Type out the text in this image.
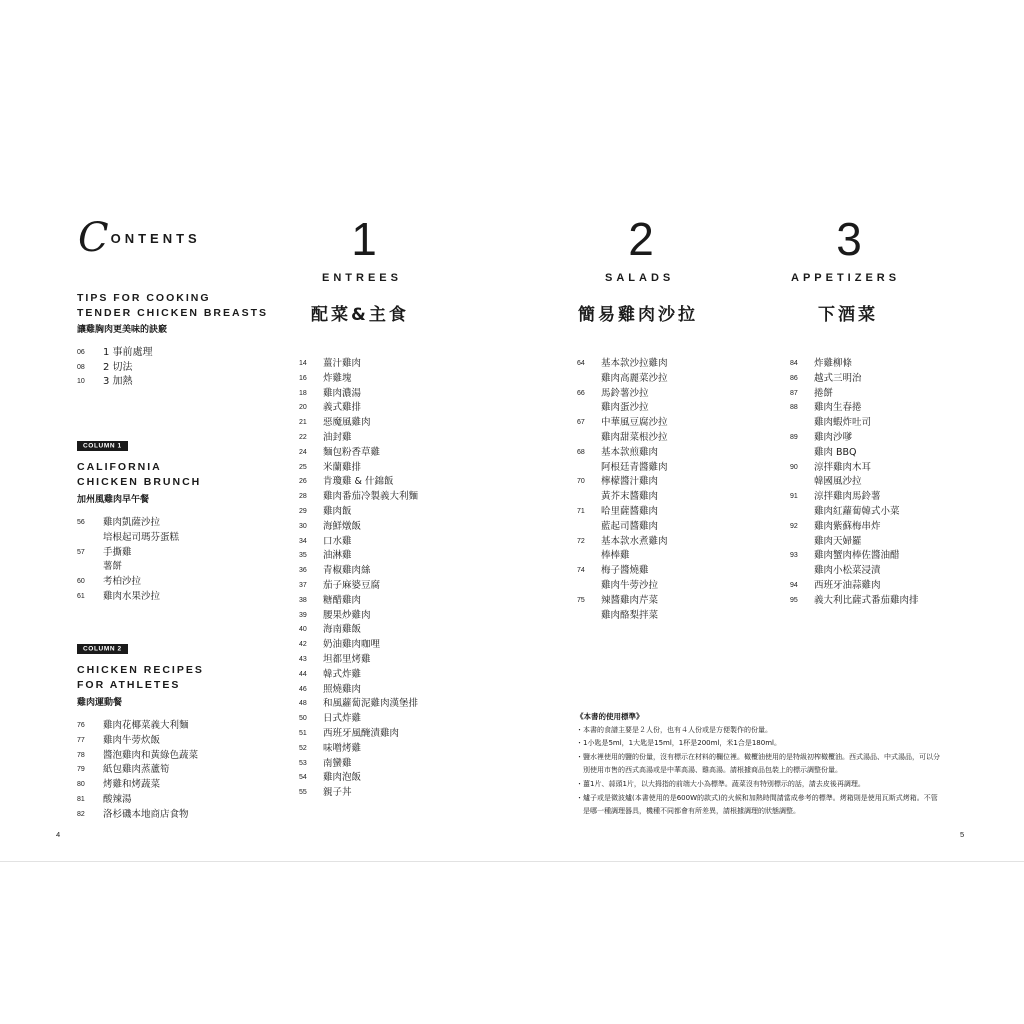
CONTENTS
TIPS FOR COOKING
TENDER CHICKEN BREASTS
讓雞胸肉更美味的訣竅
06	1 事前處理
08	2 切法
10	3 加熱
COLUMN 1
CALIFORNIA
CHICKEN BRUNCH
加州風雞肉早午餐
56	雞肉凱薩沙拉
培根起司瑪芬蛋糕
57	手撕雞
薯餅
60	考柏沙拉
61	雞肉水果沙拉
COLUMN 2
CHICKEN RECIPES
FOR ATHLETES
雞肉運動餐
76	雞肉花椰菜義大利麵
77	雞肉牛蒡炊飯
78	醬泡雞肉和黃綠色蔬菜
79	紙包雞肉蒸蘆筍
80	烤雞和烤蔬菜
81	酸辣湯
82	洛杉磯本地商店食物
1
ENTREES
配菜&主食
14	薑汁雞肉
16	炸雞塊
18	雞肉濃湯
20	義式雞排
21	惡魔風雞肉
22	油封雞
24	麵包粉香草雞
25	米蘭雞排
26	肯瓊雞 & 什錦飯
28	雞肉番茄冷製義大利麵
29	雞肉飯
30	海鮮燉飯
34	口水雞
35	油淋雞
36	青椒雞肉絲
37	茄子麻婆豆腐
38	糖醋雞肉
39	腰果炒雞肉
40	海南雞飯
42	奶油雞肉咖哩
43	坦都里烤雞
44	韓式炸雞
46	照燒雞肉
48	和風蘿蔔泥雞肉漢堡排
50	日式炸雞
51	西班牙風醃漬雞肉
52	味噌烤雞
53	南蠻雞
54	雞肉泡飯
55	親子丼
2
SALADS
簡易雞肉沙拉
64	基本款沙拉雞肉
雞肉高麗菜沙拉
66	馬鈴薯沙拉
雞肉蛋沙拉
67	中華風豆腐沙拉
雞肉甜菜根沙拉
68	基本款煎雞肉
阿根廷青醬雞肉
70	檸檬醬汁雞肉
黃芥末醬雞肉
71	哈里薩醬雞肉
藍起司醬雞肉
72	基本款水煮雞肉
棒棒雞
74	梅子醬燒雞
雞肉牛蒡沙拉
75	辣醬雞肉芹菜
雞肉酪梨拌菜
3
APPETIZERS
下酒菜
84	炸雞柳條
86	越式三明治
87	捲餅
88	雞肉生春捲
雞肉蝦炸吐司
89	雞肉沙嗲
雞肉 BBQ
90	涼拌雞肉木耳
韓國風沙拉
91	涼拌雞肉馬鈴薯
雞肉紅蘿蔔韓式小菜
92	雞肉紫蘇梅串炸
雞肉天婦羅
93	雞肉蟹肉棒佐醬油醋
雞肉小松菜浸漬
94	西班牙油蒜雞肉
95	義大利比薩式番茄雞肉排
《本書的使用標準》
・本書的食譜主要是２人份，也有４人份或是方便製作的份量。
・1小匙是5ml，1大匙是15ml，1杯是200ml，米1合是180ml。
・鹽水裡使用的鹽的份量，沒有標示在材料的欄位裡。橄欖油使用的是特級初榨橄欖油。西式湯品、中式湯品，可以分
　別使用市售的西式高湯或是中華高湯、雞高湯。請根據商品包裝上的標示調整份量。
・薑1片、蒜頭1片，以大拇指的前端大小為標準。蔬菜沒有特別標示的話，請去皮後再調理。
・爐子或是微波爐(本書使用的是600W的款式)的火候和加熱時間請當成參考的標準。烤箱則是使用瓦斯式烤箱。不管
　是哪一種調理器具，機種不同都會有所差異，請根據調理的狀態調整。
4	5
